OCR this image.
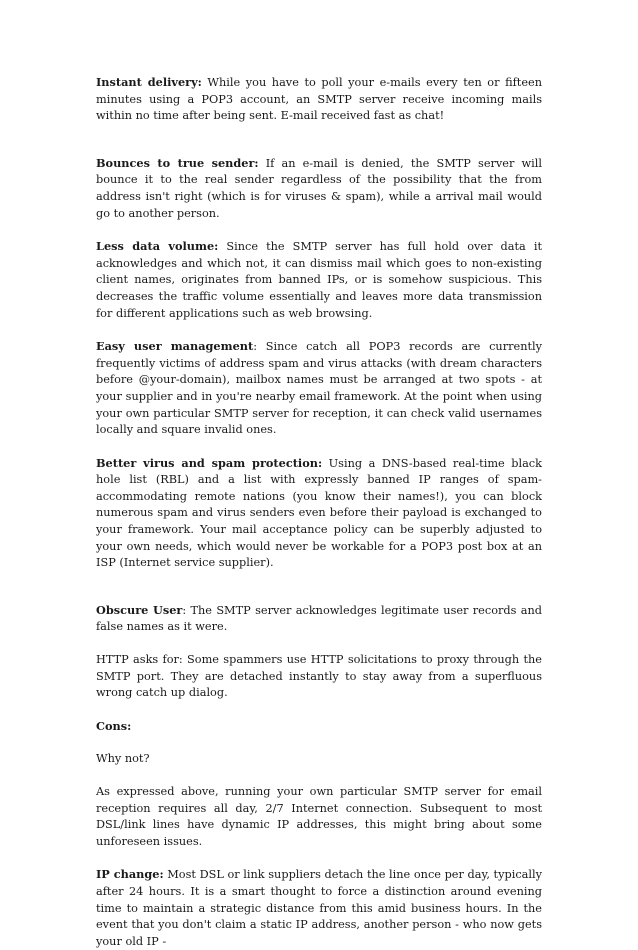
Instant delivery: While you have to poll your e-mails every ten or fifteen minutes using a POP3 account, an SMTP server receive incoming mails within no time after being sent. E-mail received fast as chat!

Bounces to true sender: If an e-mail is denied, the SMTP server will bounce it to the real sender regardless of the possibility that the from address isn't right (which is for viruses & spam), while a arrival mail would go to another person.

Less data volume: Since the SMTP server has full hold over data it acknowledges and which not, it can dismiss mail which goes to non-existing client names, originates from banned IPs, or is somehow suspicious. This decreases the traffic volume essentially and leaves more data transmission for different applications such as web browsing.

Easy user management: Since catch all POP3 records are currently frequently victims of address spam and virus attacks (with dream characters before @your-domain), mailbox names must be arranged at two spots - at your supplier and in you're nearby email framework. At the point when using your own particular SMTP server for reception, it can check valid usernames locally and square invalid ones.

Better virus and spam protection: Using a DNS-based real-time black hole list (RBL) and a list with expressly banned IP ranges of spam-accommodating remote nations (you know their names!), you can block numerous spam and virus senders even before their payload is exchanged to your framework. Your mail acceptance policy can be superbly adjusted to your own needs, which would never be workable for a POP3 post box at an ISP (Internet service supplier).

Obscure User: The SMTP server acknowledges legitimate user records and false names as it were.

HTTP asks for: Some spammers use HTTP solicitations to proxy through the SMTP port. They are detached instantly to stay away from a superfluous wrong catch up dialog.

Cons:

Why not?

As expressed above, running your own particular SMTP server for email reception requires all day, 2/7 Internet connection. Subsequent to most DSL/link lines have dynamic IP addresses, this might bring about some unforeseen issues.

IP change: Most DSL or link suppliers detach the line once per day, typically after 24 hours. It is a smart thought to force a distinction around evening time to maintain a strategic distance from this amid business hours. In the event that you don't claim a static IP address, another person - who now gets your old IP -
